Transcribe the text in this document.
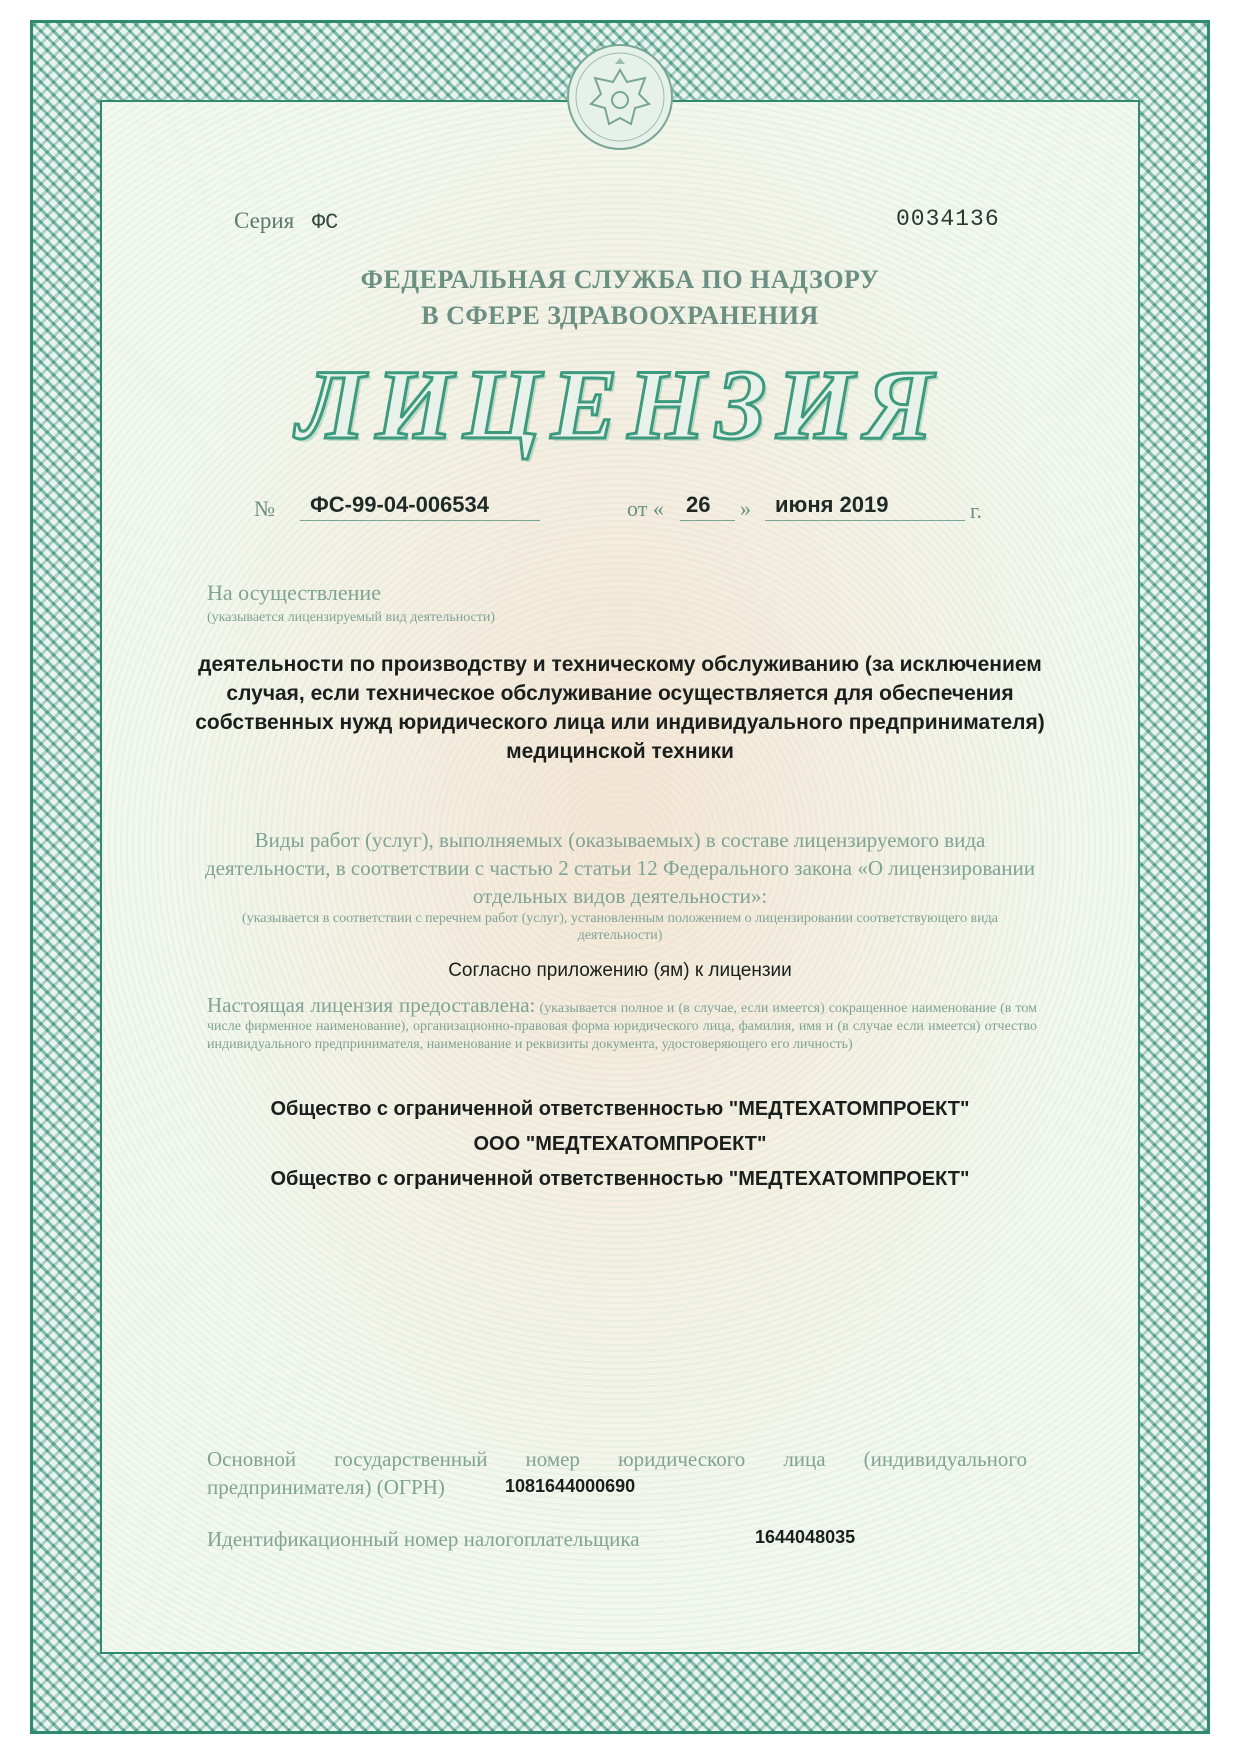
Серия ФС	0034136
ФЕДЕРАЛЬНАЯ СЛУЖБА ПО НАДЗОРУ
В СФЕРЕ ЗДРАВООХРАНЕНИЯ
ЛИЦЕНЗИЯ
№ ФС-99-04-006534	от « 26 » июня 2019	г.
На осуществление
(указывается лицензируемый вид деятельности)
деятельности по производству и техническому обслуживанию (за исключением случая, если техническое обслуживание осуществляется для обеспечения собственных нужд юридического лица или индивидуального предпринимателя) медицинской техники
Виды работ (услуг), выполняемых (оказываемых) в составе лицензируемого вида деятельности, в соответствии с частью 2 статьи 12 Федерального закона «О лицензировании отдельных видов деятельности»:
(указывается в соответствии с перечнем работ (услуг), установленным положением о лицензировании соответствующего вида деятельности)
Согласно приложению (ям) к лицензии
Настоящая лицензия предоставлена: (указывается полное и (в случае, если имеется) сокращенное наименование (в том числе фирменное наименование), организационно-правовая форма юридического лица, фамилия, имя и (в случае если имеется) отчество индивидуального предпринимателя, наименование и реквизиты документа, удостоверяющего его личность)
Общество с ограниченной ответственностью "МЕДТЕХАТОМПРОЕКТ"
ООО "МЕДТЕХАТОМПРОЕКТ"
Общество с ограниченной ответственностью "МЕДТЕХАТОМПРОЕКТ"
Основной государственный номер юридического лица (индивидуального предпринимателя) (ОГРН)	1081644000690
Идентификационный номер налогоплательщика	1644048035
